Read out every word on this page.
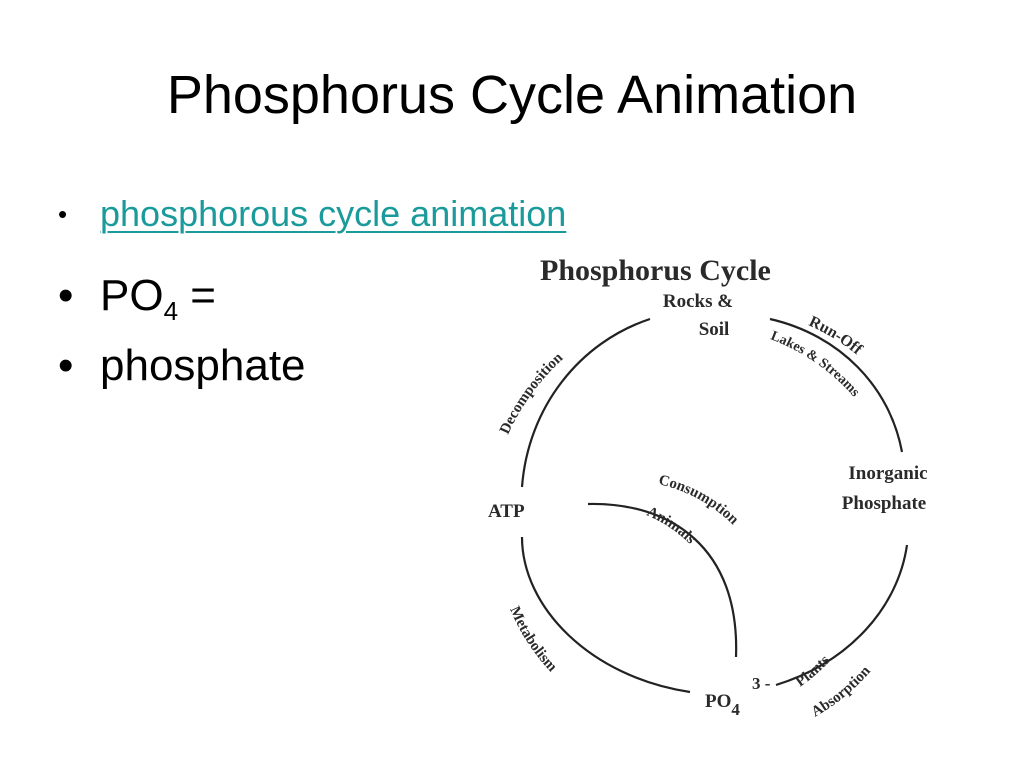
Phosphorus Cycle Animation
• phosphorous cycle animation
• $PO_4$ =
• phosphate
Phosphorus Cycle
Rocks &
Soil
Inorganic
Phosphate
ATP
PO4
3 -
Decomposition
Run-Off
Lakes & Streams
Consumption
Animals
Metabolism
Plants
Absorption
